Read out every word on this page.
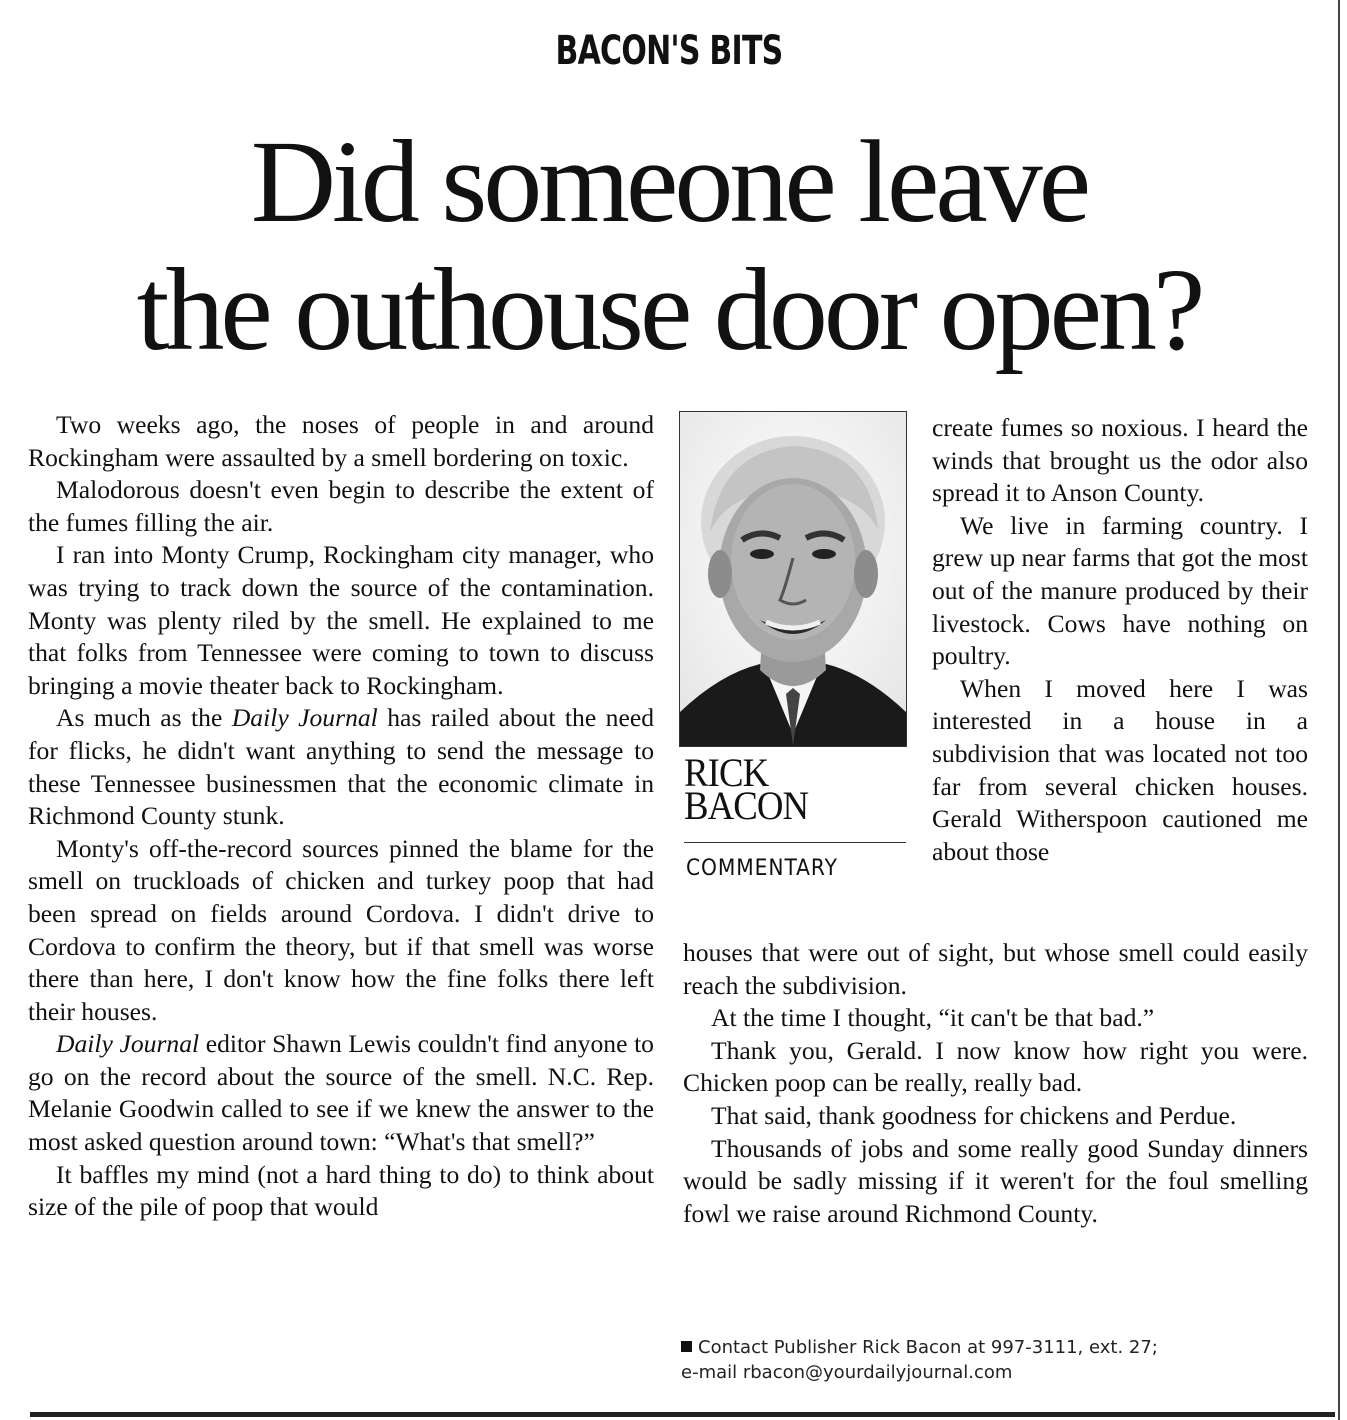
BACON'S BITS
Did someone leave
the outhouse door open?

Two weeks ago, the noses of people in and around Rockingham were assaulted by a smell bordering on toxic.

Malodorous doesn't even begin to describe the extent of the fumes filling the air.

I ran into Monty Crump, Rockingham city manager, who was trying to track down the source of the contamination. Monty was plenty riled by the smell. He explained to me that folks from Tennessee were coming to town to discuss bringing a movie theater back to Rockingham.

As much as the Daily Journal has railed about the need for flicks, he didn't want anything to send the message to these Tennessee businessmen that the economic climate in Richmond County stunk.

Monty's off-the-record sources pinned the blame for the smell on truckloads of chicken and turkey poop that had been spread on fields around Cordova. I didn't drive to Cordova to confirm the theory, but if that smell was worse there than here, I don't know how the fine folks there left their houses.

Daily Journal editor Shawn Lewis couldn't find anyone to go on the record about the source of the smell. N.C. Rep. Melanie Goodwin called to see if we knew the answer to the most asked question around town: “What's that smell?”

It baffles my mind (not a hard thing to do) to think about size of the pile of poop that would

RICK
BACON
COMMENTARY

create fumes so noxious. I heard the winds that brought us the odor also spread it to Anson County.

We live in farming country. I grew up near farms that got the most out of the manure produced by their livestock. Cows have nothing on poultry.

When I moved here I was interested in a house in a subdivision that was located not too far from several chicken houses. Gerald Witherspoon cautioned me about those

houses that were out of sight, but whose smell could easily reach the subdivision.

At the time I thought, “it can't be that bad.”

Thank you, Gerald. I now know how right you were. Chicken poop can be really, really bad.

That said, thank goodness for chickens and Perdue.

Thousands of jobs and some really good Sunday dinners would be sadly missing if it weren't for the foul smelling fowl we raise around Richmond County.

Contact Publisher Rick Bacon at 997-3111, ext. 27;
e-mail rbacon@yourdailyjournal.com
